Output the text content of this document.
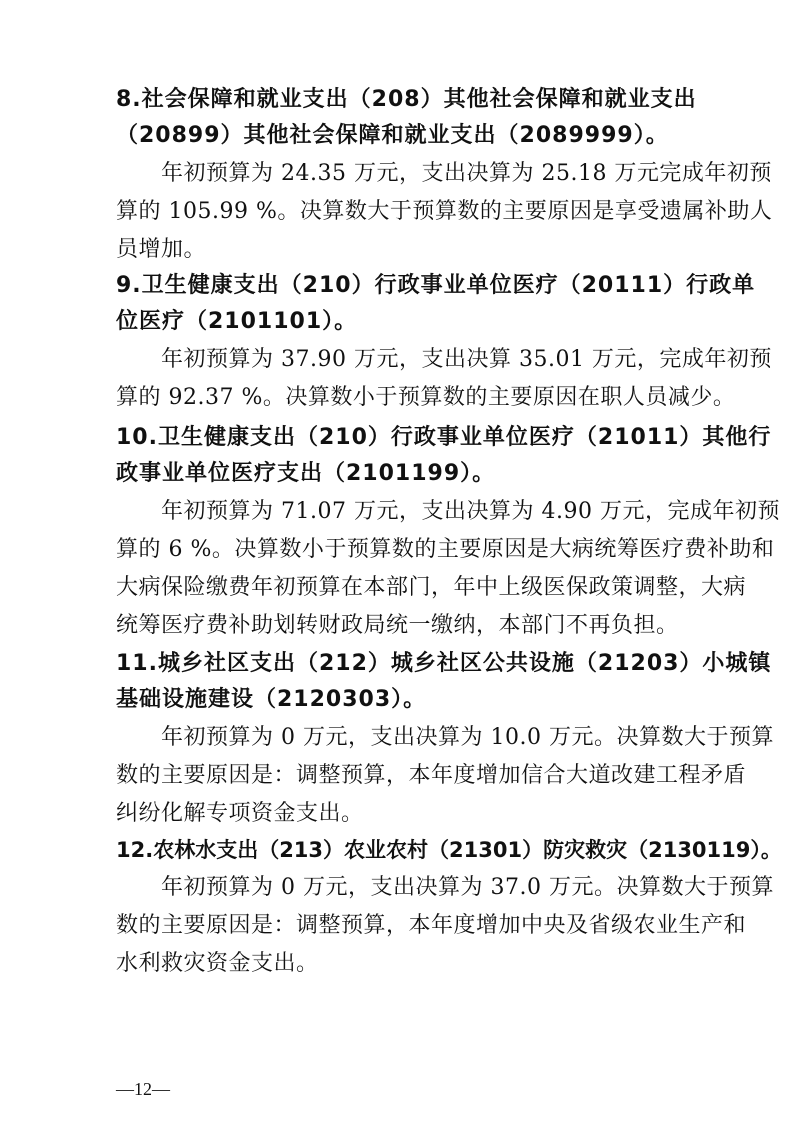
8.社会保障和就业支出（208）其他社会保障和就业支出
（20899）其他社会保障和就业支出（2089999）。
年初预算为 24.35 万元，支出决算为 25.18 万元完成年初预
算的 105.99 %。决算数大于预算数的主要原因是享受遗属补助人
员增加。
9.卫生健康支出（210）行政事业单位医疗（20111）行政单
位医疗（2101101）。
年初预算为 37.90 万元，支出决算 35.01 万元，完成年初预
算的 92.37 %。决算数小于预算数的主要原因在职人员减少。
10.卫生健康支出（210）行政事业单位医疗（21011）其他行
政事业单位医疗支出（2101199）。
年初预算为 71.07 万元，支出决算为 4.90 万元，完成年初预
算的 6 %。决算数小于预算数的主要原因是大病统筹医疗费补助和
大病保险缴费年初预算在本部门，年中上级医保政策调整，大病
统筹医疗费补助划转财政局统一缴纳，本部门不再负担。
11.城乡社区支出（212）城乡社区公共设施（21203）小城镇
基础设施建设（2120303）。
年初预算为 0 万元，支出决算为 10.0 万元。决算数大于预算
数的主要原因是：调整预算，本年度增加信合大道改建工程矛盾
纠纷化解专项资金支出。
12.农林水支出（213）农业农村（21301）防灾救灾（2130119）。
年初预算为 0 万元，支出决算为 37.0 万元。决算数大于预算
数的主要原因是：调整预算，本年度增加中央及省级农业生产和
水利救灾资金支出。
—12—
